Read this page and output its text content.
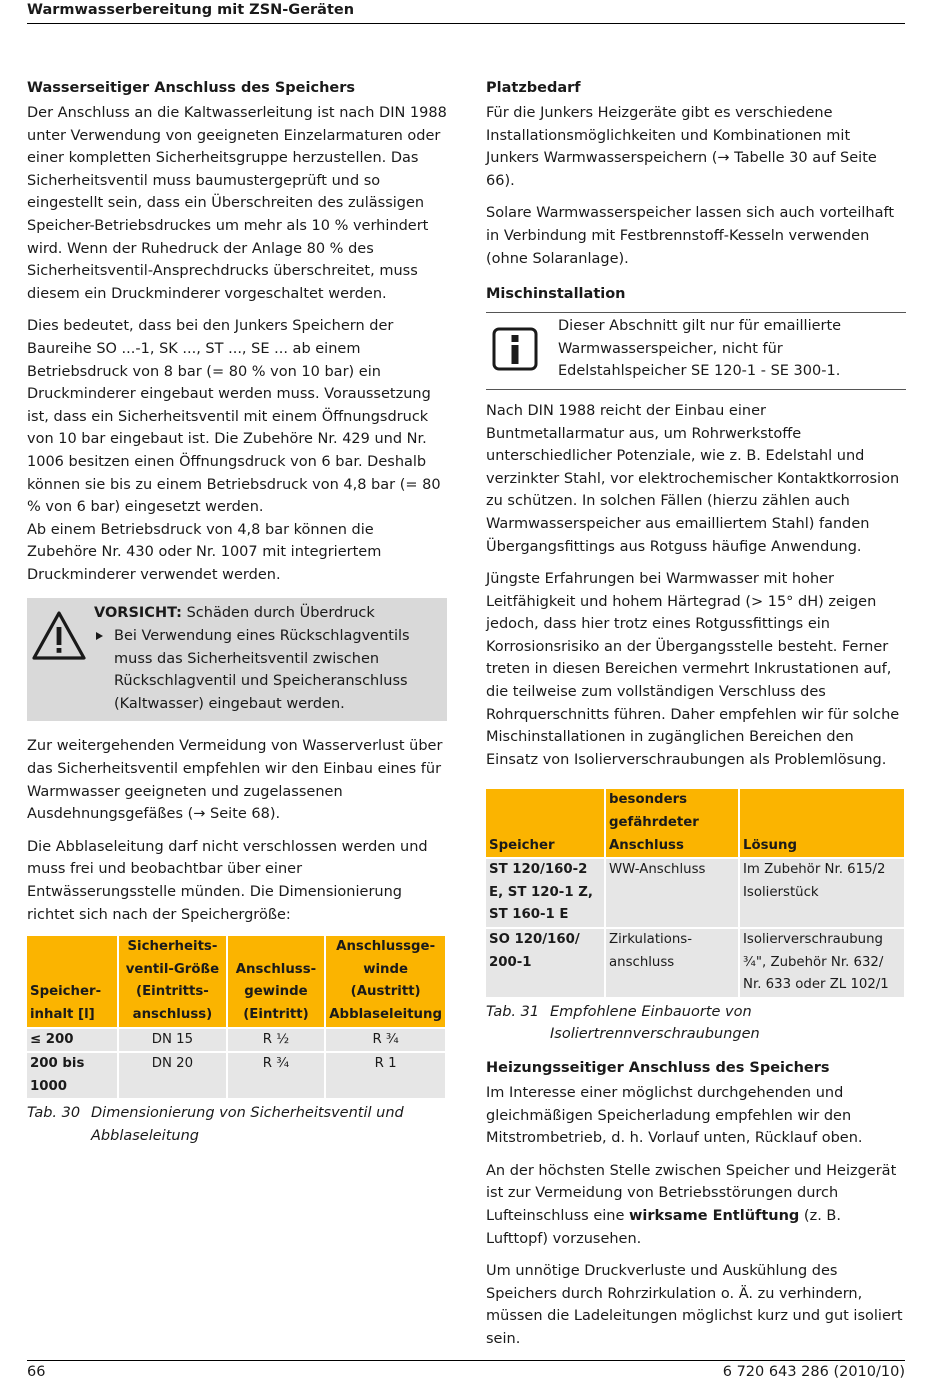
Warmwasserbereitung mit ZSN-Geräten
Wasserseitiger Anschluss des Speichers

Der Anschluss an die Kaltwasserleitung ist nach DIN 1988 unter Verwendung von geeigneten Einzelarmaturen oder einer kompletten Sicherheitsgruppe herzustellen. Das Sicherheitsventil muss baumustergeprüft und so eingestellt sein, dass ein Überschreiten des zulässigen Speicher-Betriebsdruckes um mehr als 10 % verhindert wird. Wenn der Ruhedruck der Anlage 80 % des Sicherheitsventil-Ansprechdrucks überschreitet, muss diesem ein Druckminderer vorgeschaltet werden.

Dies bedeutet, dass bei den Junkers Speichern der Baureihe SO ...-1, SK ..., ST ..., SE ... ab einem Betriebsdruck von 8 bar (= 80 % von 10 bar) ein Druckminderer eingebaut werden muss. Voraussetzung ist, dass ein Sicherheitsventil mit einem Öffnungsdruck von 10 bar eingebaut ist. Die Zubehöre Nr. 429 und Nr. 1006 besitzen einen Öffnungsdruck von 6 bar. Deshalb können sie bis zu einem Betriebsdruck von 4,8 bar (= 80 % von 6 bar) eingesetzt werden.

Ab einem Betriebsdruck von 4,8 bar können die Zubehöre Nr. 430 oder Nr. 1007 mit integriertem Druckminderer verwendet werden.

VORSICHT: Schäden durch Überdruck

Bei Verwendung eines Rückschlagventils muss das Sicherheitsventil zwischen Rückschlagventil und Speicheranschluss (Kaltwasser) eingebaut werden.

Zur weitergehenden Vermeidung von Wasserverlust über das Sicherheitsventil empfehlen wir den Einbau eines für Warmwasser geeigneten und zugelassenen Ausdehnungsgefäßes (→ Seite 68).

Die Abblaseleitung darf nicht verschlossen werden und muss frei und beobachtbar über einer Entwässerungsstelle münden. Die Dimensionierung richtet sich nach der Speichergröße:

Speicher-inhalt [l]	Sicherheits-ventil-Größe (Eintritts-anschluss)	Anschluss-gewinde (Eintritt)	Anschlussge-winde (Austritt) Abblaseleitung
≤ 200	DN 15	R ½	R ¾
200 bis 1000	DN 20	R ¾	R 1
Tab. 30 Dimensionierung von Sicherheitsventil und Abblaseleitung
Platzbedarf

Für die Junkers Heizgeräte gibt es verschiedene Installationsmöglichkeiten und Kombinationen mit Junkers Warmwasserspeichern (→ Tabelle 30 auf Seite 66).

Solare Warmwasserspeicher lassen sich auch vorteilhaft in Verbindung mit Festbrennstoff-Kesseln verwenden (ohne Solaranlage).

Mischinstallation

Dieser Abschnitt gilt nur für emaillierte Warmwasserspeicher, nicht für Edelstahlspeicher SE 120-1 - SE 300-1.

Nach DIN 1988 reicht der Einbau einer Buntmetallarmatur aus, um Rohrwerkstoffe unterschiedlicher Potenziale, wie z. B. Edelstahl und verzinkter Stahl, vor elektrochemischer Kontaktkorrosion zu schützen. In solchen Fällen (hierzu zählen auch Warmwasserspeicher aus emailliertem Stahl) fanden Übergangsfittings aus Rotguss häufige Anwendung.

Jüngste Erfahrungen bei Warmwasser mit hoher Leitfähigkeit und hohem Härtegrad (> 15° dH) zeigen jedoch, dass hier trotz eines Rotgussfittings ein Korrosionsrisiko an der Übergangsstelle besteht. Ferner treten in diesen Bereichen vermehrt Inkrustationen auf, die teilweise zum vollständigen Verschluss des Rohrquerschnitts führen. Daher empfehlen wir für solche Mischinstallationen in zugänglichen Bereichen den Einsatz von Isolierverschraubungen als Problemlösung.

Speicher	besonders gefährdeter Anschluss	Lösung
ST 120/160-2 E, ST 120-1 Z, ST 160-1 E	WW-Anschluss	Im Zubehör Nr. 615/2 Isolierstück
SO 120/160/ 200-1	Zirkulations-anschluss	Isolierverschraubung ¾", Zubehör Nr. 632/ Nr. 633 oder ZL 102/1
Tab. 31 Empfohlene Einbauorte von Isoliertrennverschraubungen
Heizungsseitiger Anschluss des Speichers

Im Interesse einer möglichst durchgehenden und gleichmäßigen Speicherladung empfehlen wir den Mitstrombetrieb, d. h. Vorlauf unten, Rücklauf oben.

An der höchsten Stelle zwischen Speicher und Heizgerät ist zur Vermeidung von Betriebsstörungen durch Lufteinschluss eine wirksame Entlüftung (z. B. Lufttopf) vorzusehen.

Um unnötige Druckverluste und Auskühlung des Speichers durch Rohrzirkulation o. Ä. zu verhindern, müssen die Ladeleitungen möglichst kurz und gut isoliert sein.

66	6 720 643 286 (2010/10)
